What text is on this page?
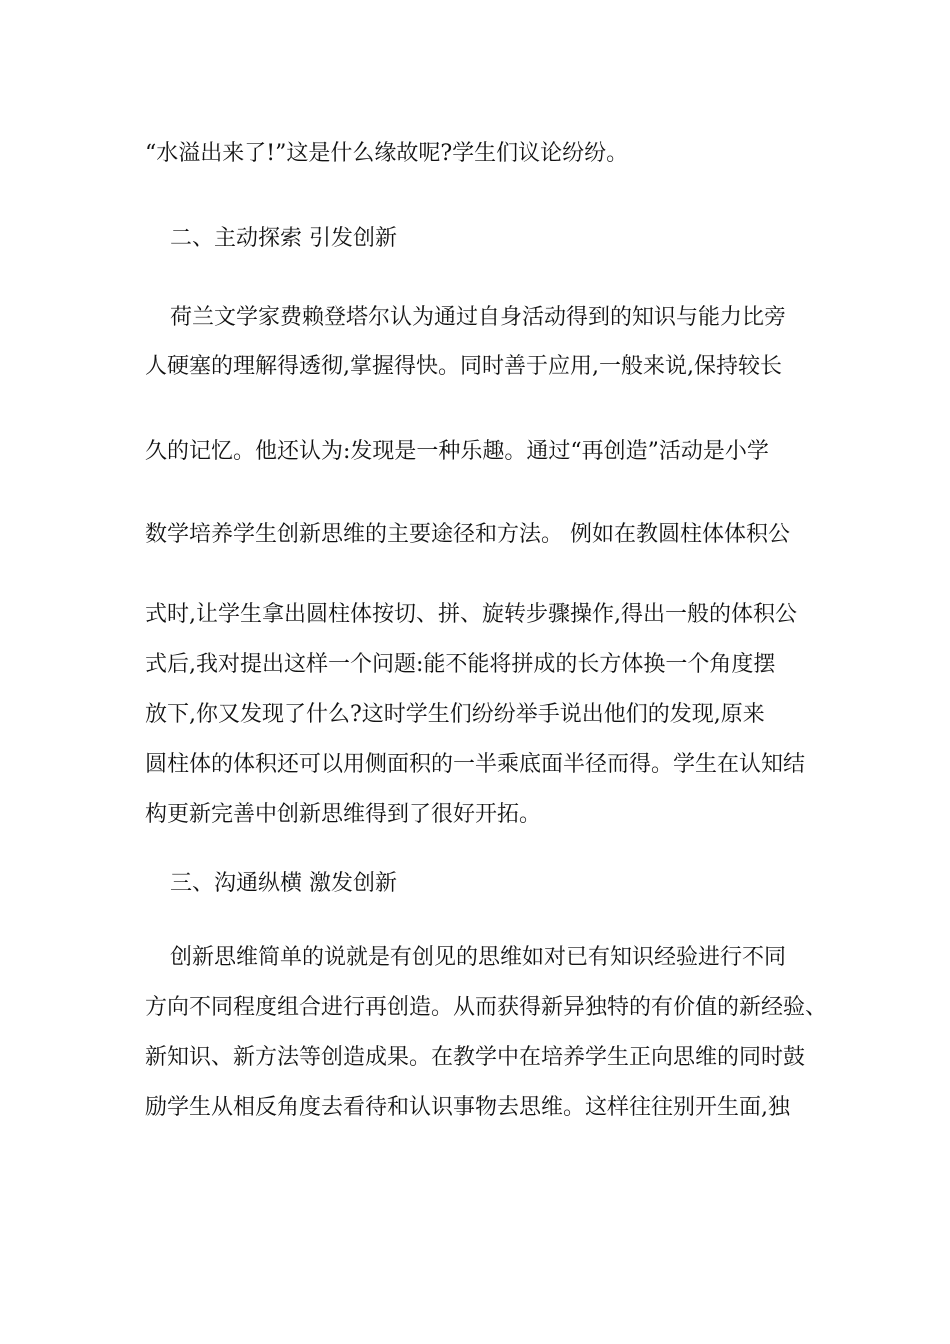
“水溢出来了!”这是什么缘故呢?学生们议论纷纷。

二、主动探索 引发创新

荷兰文学家费赖登塔尔认为通过自身活动得到的知识与能力比旁

人硬塞的理解得透彻,掌握得快。同时善于应用,一般来说,保持较长

久的记忆。他还认为:发现是一种乐趣。通过“再创造”活动是小学

数学培养学生创新思维的主要途径和方法。 例如在教圆柱体体积公

式时,让学生拿出圆柱体按切、拼、旋转步骤操作,得出一般的体积公

式后,我对提出这样一个问题:能不能将拼成的长方体换一个角度摆

放下,你又发现了什么?这时学生们纷纷举手说出他们的发现,原来

圆柱体的体积还可以用侧面积的一半乘底面半径而得。学生在认知结

构更新完善中创新思维得到了很好开拓。

三、沟通纵横 激发创新

创新思维简单的说就是有创见的思维如对已有知识经验进行不同

方向不同程度组合进行再创造。从而获得新异独特的有价值的新经验、

新知识、新方法等创造成果。在教学中在培养学生正向思维的同时鼓

励学生从相反角度去看待和认识事物去思维。这样往往别开生面,独
